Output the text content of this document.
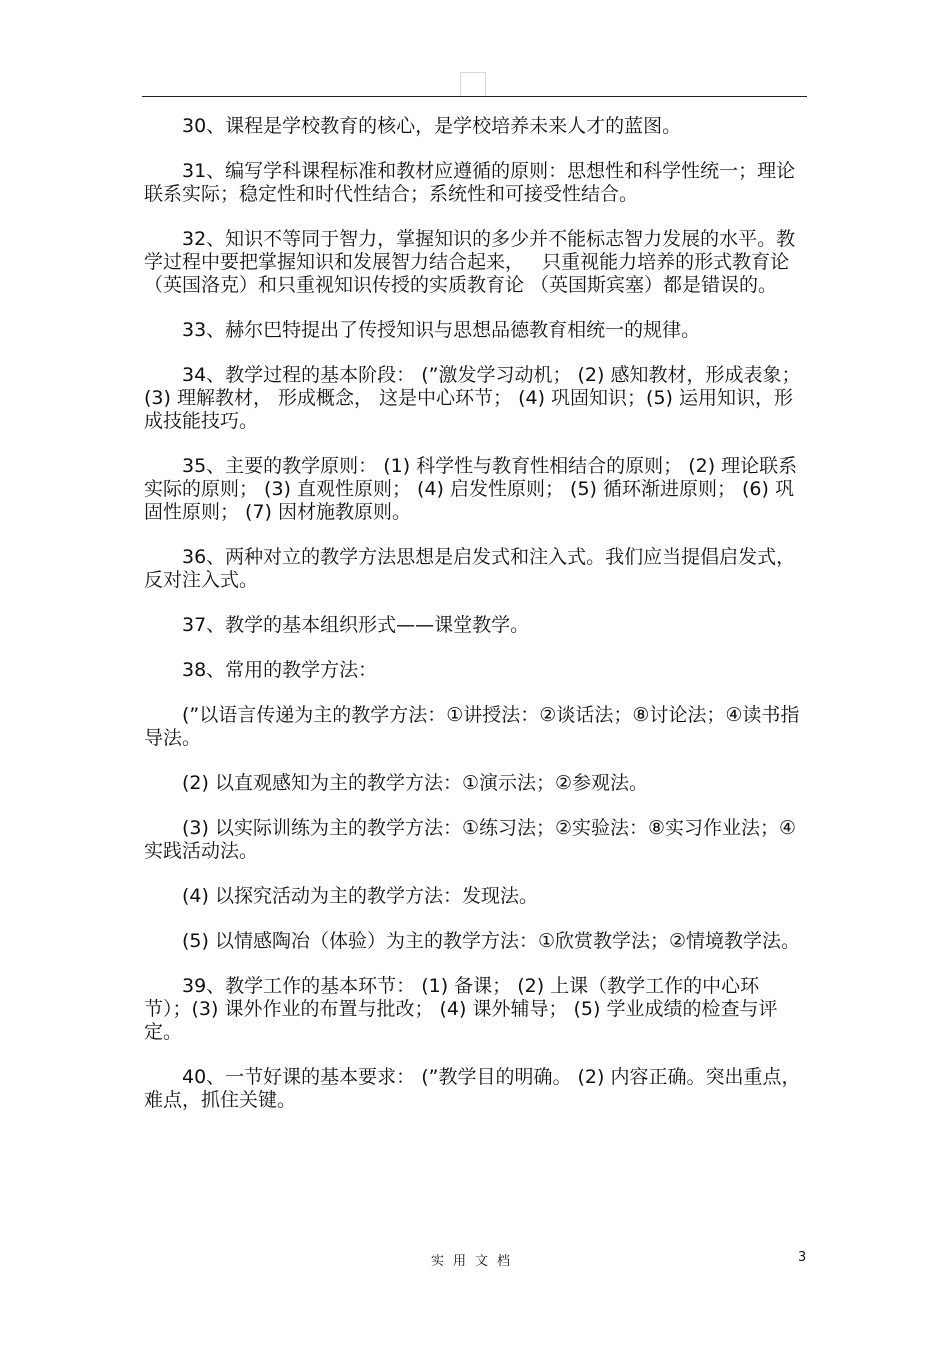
30、课程是学校教育的核心，是学校培养未来人才的蓝图。

31、编写学科课程标准和教材应遵循的原则：思想性和科学性统一；理论联系实际；稳定性和时代性结合；系统性和可接受性结合。

32、知识不等同于智力，掌握知识的多少并不能标志智力发展的水平。教学过程中要把掌握知识和发展智力结合起来，   只重视能力培养的形式教育论（英国洛克）和只重视知识传授的实质教育论 （英国斯宾塞）都是错误的。

33、赫尔巴特提出了传授知识与思想品德教育相统一的规律。

34、教学过程的基本阶段： (”激发学习动机； (2) 感知教材，形成表象；(3) 理解教材， 形成概念， 这是中心环节； (4) 巩固知识；(5) 运用知识，形成技能技巧。

35、主要的教学原则： (1) 科学性与教育性相结合的原则； (2) 理论联系实际的原则； (3) 直观性原则； (4) 启发性原则； (5) 循环渐进原则； (6) 巩固性原则； (7) 因材施教原则。

36、两种对立的教学方法思想是启发式和注入式。我们应当提倡启发式，反对注入式。

37、教学的基本组织形式——课堂教学。

38、常用的教学方法：

(”以语言传递为主的教学方法：①讲授法：②谈话法；⑧讨论法；④读书指导法。

(2) 以直观感知为主的教学方法：①演示法；②参观法。

(3) 以实际训练为主的教学方法：①练习法；②实验法：⑧实习作业法；④实践活动法。

(4) 以探究活动为主的教学方法：发现法。

(5) 以情感陶冶（体验）为主的教学方法：①欣赏教学法；②情境教学法。

39、教学工作的基本环节： (1) 备课； (2) 上课（教学工作的中心环节）；(3) 课外作业的布置与批改； (4) 课外辅导； (5) 学业成绩的检查与评定。

40、一节好课的基本要求： (”教学目的明确。 (2) 内容正确。突出重点，难点，抓住关键。

实用文档	3
